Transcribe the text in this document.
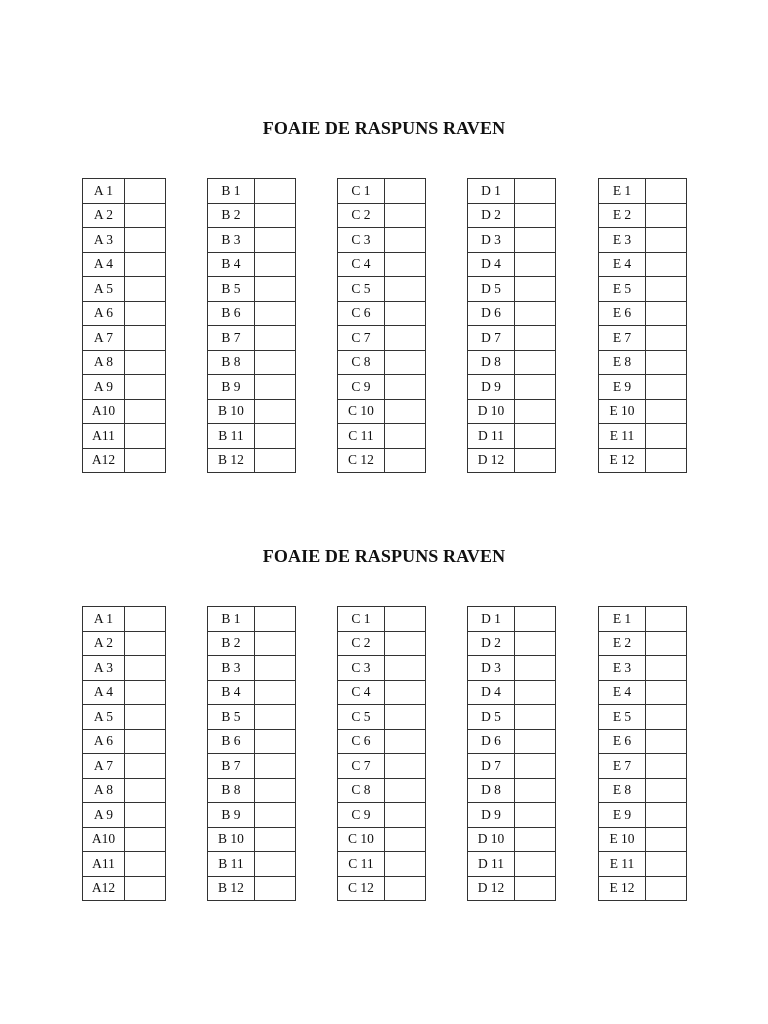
FOAIE DE RASPUNS RAVEN
A 1	
A 2	
A 3	
A 4	
A 5	
A 6	
A 7	
A 8	
A 9	
A10	
A11	
A12	
B 1	
B 2	
B 3	
B 4	
B 5	
B 6	
B 7	
B 8	
B 9	
B 10	
B 11	
B 12	
C 1	
C 2	
C 3	
C 4	
C 5	
C 6	
C 7	
C 8	
C 9	
C 10	
C 11	
C 12	
D 1	
D 2	
D 3	
D 4	
D 5	
D 6	
D 7	
D 8	
D 9	
D 10	
D 11	
D 12	
E 1	
E 2	
E 3	
E 4	
E 5	
E 6	
E 7	
E 8	
E 9	
E 10	
E 11	
E 12	
FOAIE DE RASPUNS RAVEN
A 1	
A 2	
A 3	
A 4	
A 5	
A 6	
A 7	
A 8	
A 9	
A10	
A11	
A12	
B 1	
B 2	
B 3	
B 4	
B 5	
B 6	
B 7	
B 8	
B 9	
B 10	
B 11	
B 12	
C 1	
C 2	
C 3	
C 4	
C 5	
C 6	
C 7	
C 8	
C 9	
C 10	
C 11	
C 12	
D 1	
D 2	
D 3	
D 4	
D 5	
D 6	
D 7	
D 8	
D 9	
D 10	
D 11	
D 12	
E 1	
E 2	
E 3	
E 4	
E 5	
E 6	
E 7	
E 8	
E 9	
E 10	
E 11	
E 12	
